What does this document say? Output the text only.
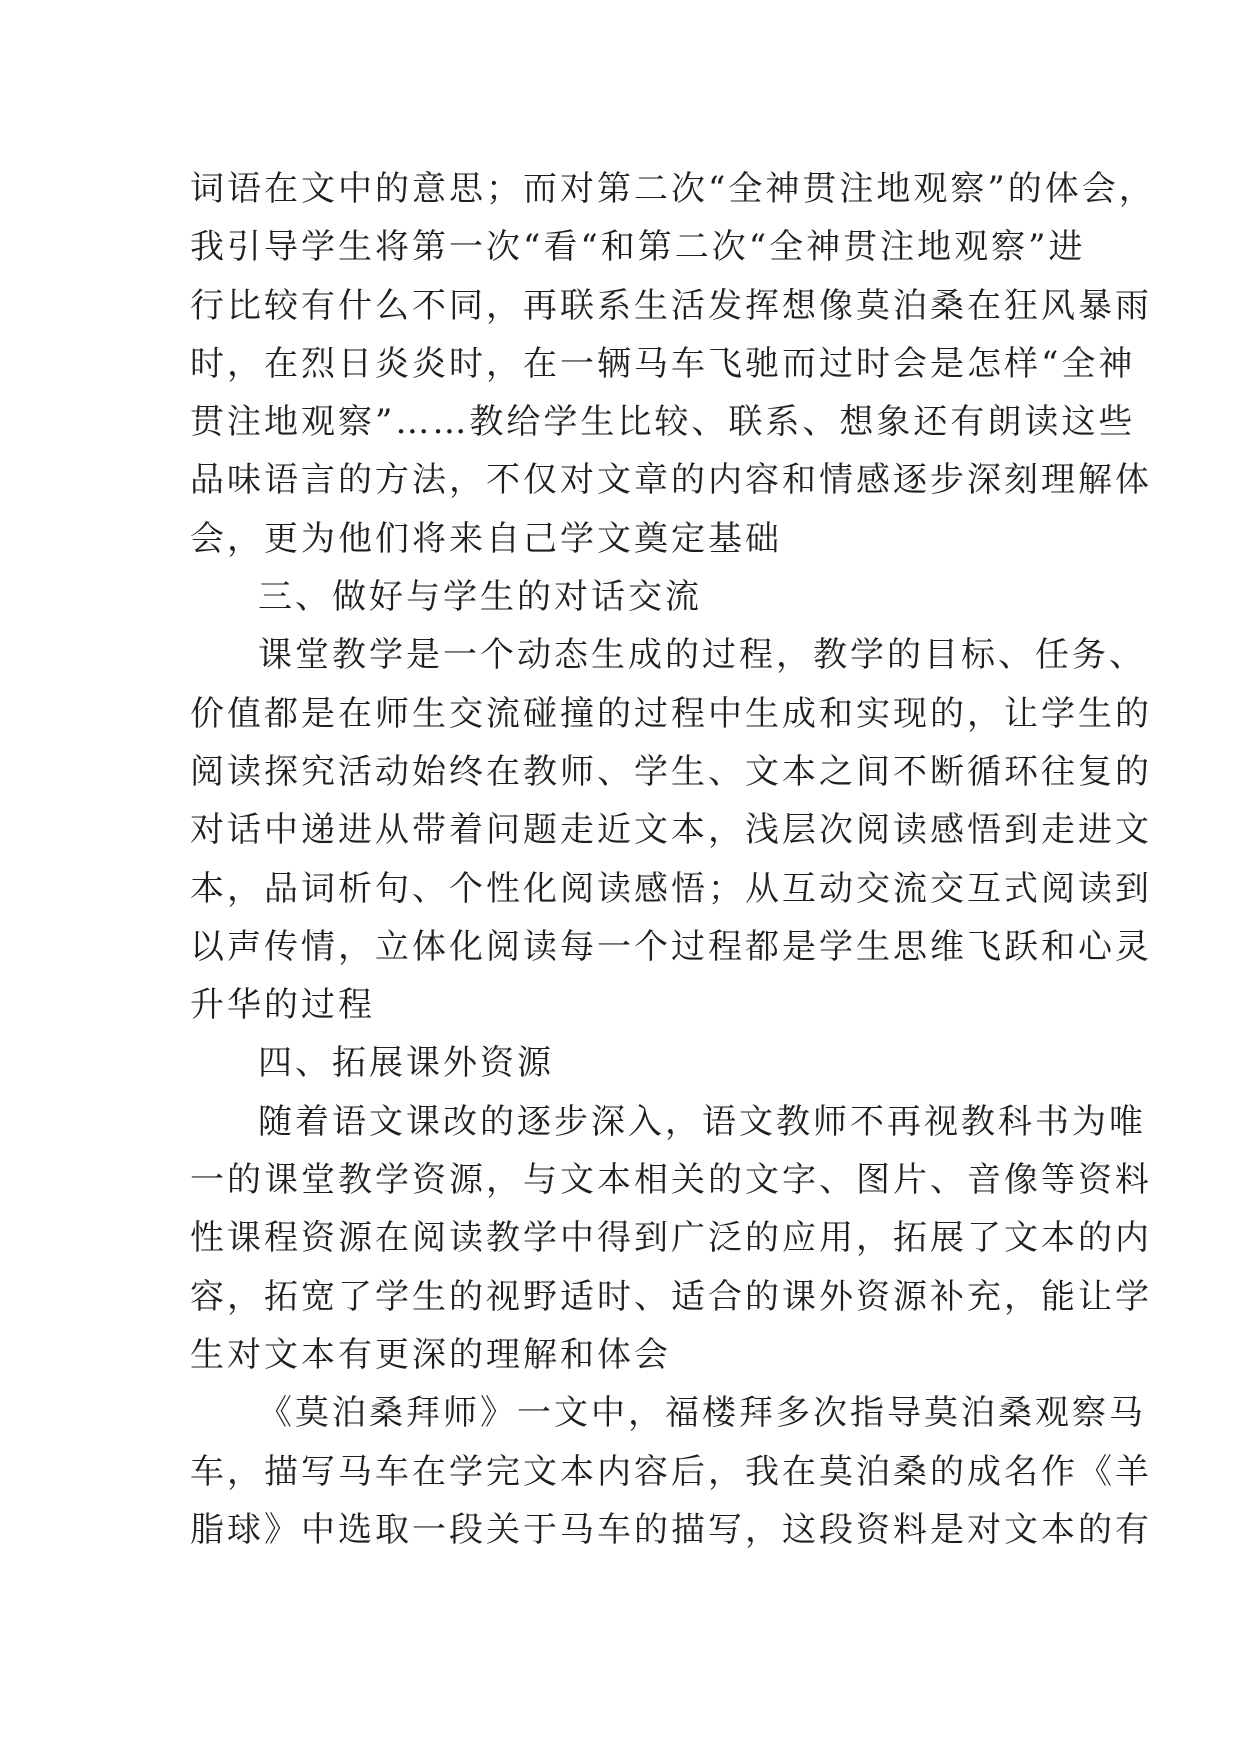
词语在文中的意思；而对第二次“全神贯注地观察”的体会，
我引导学生将第一次“看“和第二次“全神贯注地观察”进
行比较有什么不同，再联系生活发挥想像莫泊桑在狂风暴雨
时，在烈日炎炎时，在一辆马车飞驰而过时会是怎样“全神
贯注地观察”……教给学生比较、联系、想象还有朗读这些
品味语言的方法，不仅对文章的内容和情感逐步深刻理解体
会，更为他们将来自己学文奠定基础
三、做好与学生的对话交流
课堂教学是一个动态生成的过程，教学的目标、任务、
价值都是在师生交流碰撞的过程中生成和实现的，让学生的
阅读探究活动始终在教师、学生、文本之间不断循环往复的
对话中递进从带着问题走近文本，浅层次阅读感悟到走进文
本，品词析句、个性化阅读感悟；从互动交流交互式阅读到
以声传情，立体化阅读每一个过程都是学生思维飞跃和心灵
升华的过程
四、拓展课外资源
随着语文课改的逐步深入，语文教师不再视教科书为唯
一的课堂教学资源，与文本相关的文字、图片、音像等资料
性课程资源在阅读教学中得到广泛的应用，拓展了文本的内
容，拓宽了学生的视野适时、适合的课外资源补充，能让学
生对文本有更深的理解和体会
《莫泊桑拜师》一文中，福楼拜多次指导莫泊桑观察马
车，描写马车在学完文本内容后，我在莫泊桑的成名作《羊
脂球》中选取一段关于马车的描写，这段资料是对文本的有
